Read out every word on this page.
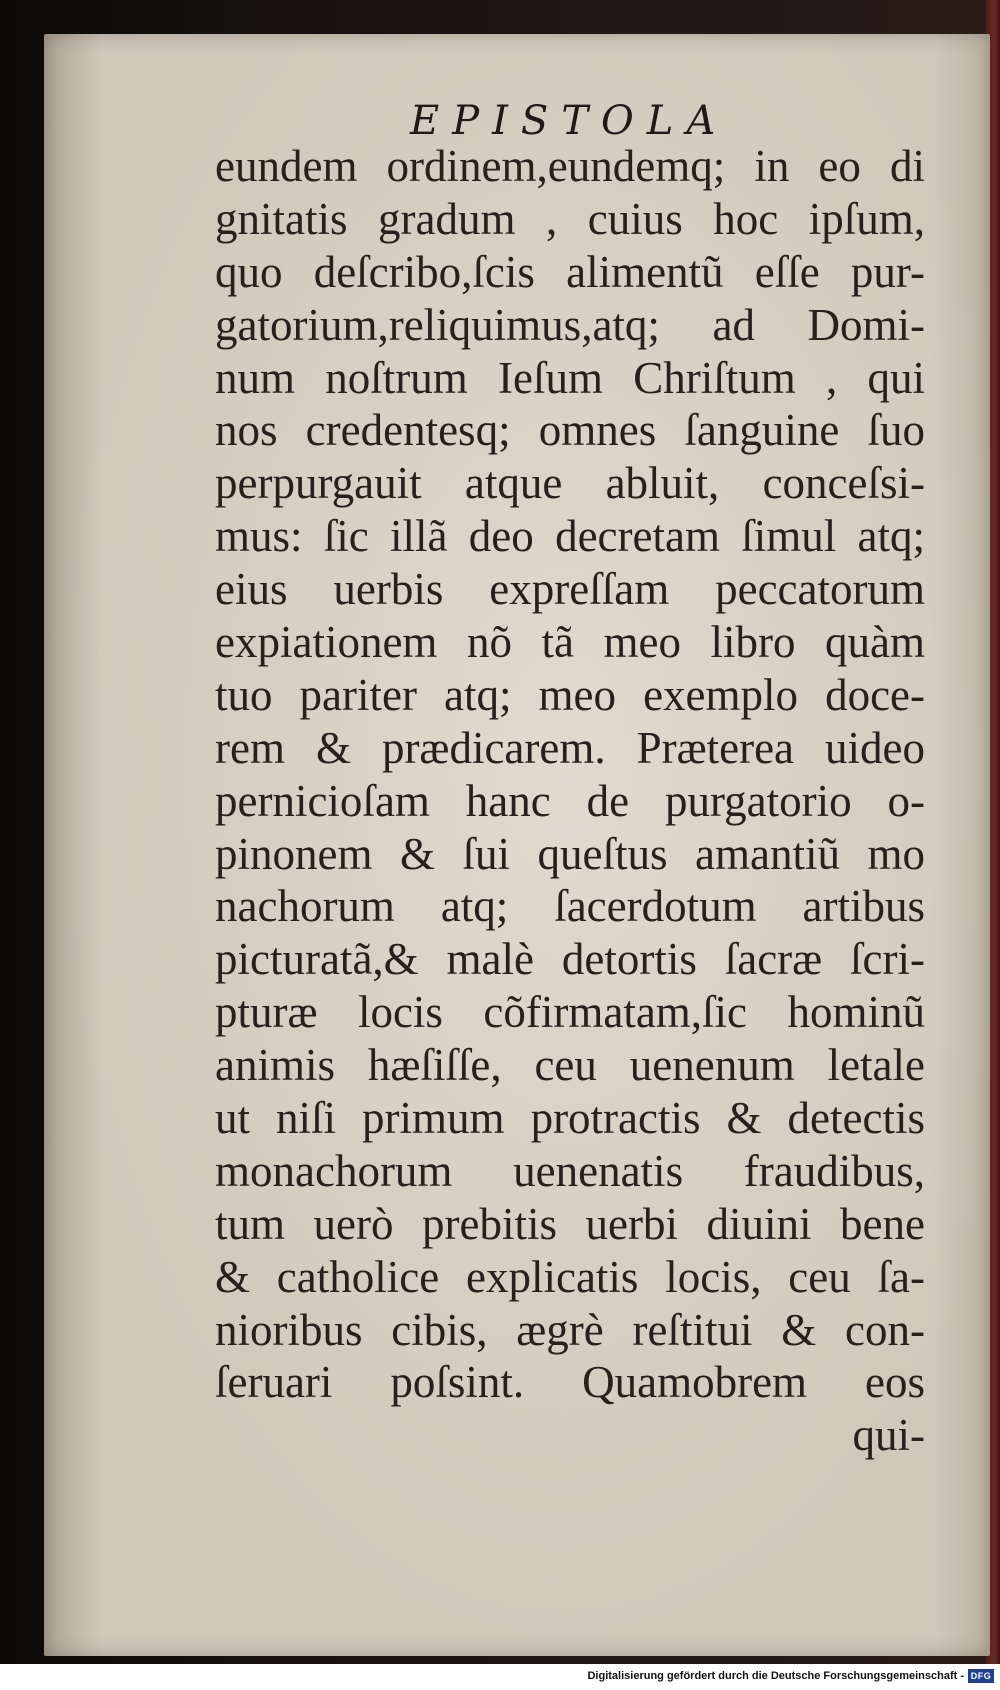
EPISTOLA
eundem ordinem,eundemq; in eo di
gnitatis gradum , cuius hoc ipſum,
quo deſcribo,ſcis alimentũ eſſe pur-
gatorium,reliquimus,atq; ad Domi-
num noſtrum Ieſum Chriſtum , qui
nos credentesq; omnes ſanguine ſuo
perpurgauit atque abluit, conceſsi-
mus: ſic illã deo decretam ſimul atq;
eius uerbis expreſſam peccatorum
expiationem nõ tã meo libro quàm
tuo pariter atq; meo exemplo doce-
rem & prædicarem. Præterea uideo
pernicioſam hanc de purgatorio o-
pinonem & ſui queſtus amantiũ mo
nachorum atq; ſacerdotum artibus
picturatã,& malè detortis ſacræ ſcri-
pturæ locis cõfirmatam,ſic hominũ
animis hæſiſſe, ceu uenenum letale
ut niſi primum protractis & detectis
monachorum uenenatis fraudibus,
tum uerò prebitis uerbi diuini bene
& catholice explicatis locis, ceu ſa-
nioribus cibis, ægrè reſtitui & con-
ſeruari poſsint. Quamobrem eos
qui-
Digitalisierung gefördert durch die Deutsche Forschungsgemeinschaft - DFG
